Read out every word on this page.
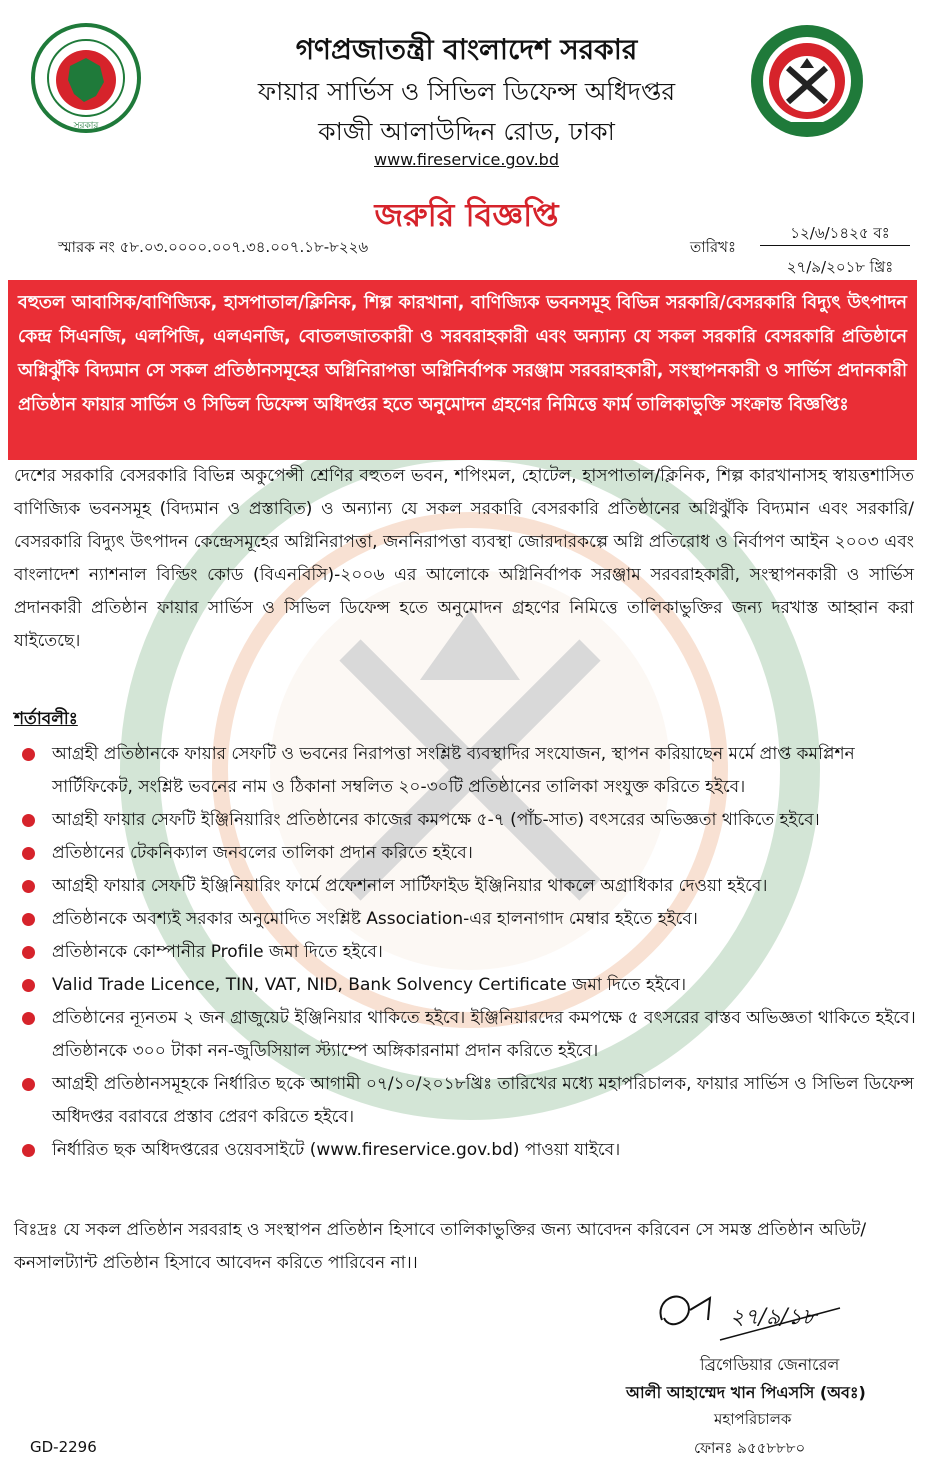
সরকার
গণপ্রজাতন্ত্রী বাংলাদেশ সরকার
ফায়ার সার্ভিস ও সিভিল ডিফেন্স অধিদপ্তর
কাজী আলাউদ্দিন রোড, ঢাকা
www.fireservice.gov.bd
জরুরি বিজ্ঞপ্তি
স্মারক নং ৫৮.০৩.০০০০.০০৭.৩৪.০০৭.১৮-৮২২৬	তারিখঃ
১২/৬/১৪২৫ বঃ
২৭/৯/২০১৮ খ্রিঃ

বহুতল আবাসিক/বাণিজ্যিক, হাসপাতাল/ক্লিনিক, শিল্প কারখানা, বাণিজ্যিক ভবনসমূহ বিভিন্ন সরকারি/বেসরকারি বিদ্যুৎ উৎপাদন কেন্দ্র সিএনজি, এলপিজি, এলএনজি, বোতলজাতকারী ও সরবরাহকারী এবং অন্যান্য যে সকল সরকারি বেসরকারি প্রতিষ্ঠানে অগ্নিঝুঁকি বিদ্যমান সে সকল প্রতিষ্ঠানসমূহের অগ্নিনিরাপত্তা অগ্নিনির্বাপক সরঞ্জাম সরবরাহকারী, সংস্থাপনকারী ও সার্ভিস প্রদানকারী প্রতিষ্ঠান ফায়ার সার্ভিস ও সিভিল ডিফেন্স অধিদপ্তর হতে অনুমোদন গ্রহণের নিমিত্তে ফার্ম তালিকাভুক্তি সংক্রান্ত বিজ্ঞপ্তিঃ

দেশের সরকারি বেসরকারি বিভিন্ন অকুপেন্সী শ্রেণির বহুতল ভবন, শপিংমল, হোটেল, হাসপাতাল/ক্লিনিক, শিল্প কারখানাসহ স্বায়ত্তশাসিত বাণিজ্যিক ভবনসমূহ (বিদ্যমান ও প্রস্তাবিত) ও অন্যান্য যে সকল সরকারি বেসরকারি প্রতিষ্ঠানের অগ্নিঝুঁকি বিদ্যমান এবং সরকারি/বেসরকারি বিদ্যুৎ উৎপাদন কেন্দ্রেসমূহের অগ্নিনিরাপত্তা, জননিরাপত্তা ব্যবস্থা জোরদারকল্পে অগ্নি প্রতিরোধ ও নির্বাপণ আইন ২০০৩ এবং বাংলাদেশ ন্যাশনাল বিল্ডিং কোড (বিএনবিসি)-২০০৬ এর আলোকে অগ্নিনির্বাপক সরঞ্জাম সরবরাহকারী, সংস্থাপনকারী ও সার্ভিস প্রদানকারী প্রতিষ্ঠান ফায়ার সার্ভিস ও সিভিল ডিফেন্স হতে অনুমোদন গ্রহণের নিমিত্তে তালিকাভুক্তির জন্য দরখাস্ত আহ্বান করা যাইতেছে।

শর্তাবলীঃ
আগ্রহী প্রতিষ্ঠানকে ফায়ার সেফটি ও ভবনের নিরাপত্তা সংশ্লিষ্ট ব্যবস্থাদির সংযোজন, স্থাপন করিয়াছেন মর্মে প্রাপ্ত কমপ্লিশন সার্টিফিকেট, সংশ্লিষ্ট ভবনের নাম ও ঠিকানা সম্বলিত ২০-৩০টি প্রতিষ্ঠানের তালিকা সংযুক্ত করিতে হইবে।
আগ্রহী ফায়ার সেফটি ইঞ্জিনিয়ারিং প্রতিষ্ঠানের কাজের কমপক্ষে ৫-৭ (পাঁচ-সাত) বৎসরের অভিজ্ঞতা থাকিতে হইবে।
প্রতিষ্ঠানের টেকনিক্যাল জনবলের তালিকা প্রদান করিতে হইবে।
আগ্রহী ফায়ার সেফটি ইঞ্জিনিয়ারিং ফার্মে প্রফেশনাল সার্টিফাইড ইঞ্জিনিয়ার থাকলে অগ্রাধিকার দেওয়া হইবে।
প্রতিষ্ঠানকে অবশ্যই সরকার অনুমোদিত সংশ্লিষ্ট Association-এর হালনাগাদ মেম্বার হইতে হইবে।
প্রতিষ্ঠানকে কোম্পানীর Profile জমা দিতে হইবে।
Valid Trade Licence, TIN, VAT, NID, Bank Solvency Certificate জমা দিতে হইবে।
প্রতিষ্ঠানের ন্যূনতম ২ জন গ্রাজুয়েট ইঞ্জিনিয়ার থাকিতে হইবে। ইঞ্জিনিয়ারদের কমপক্ষে ৫ বৎসরের বাস্তব অভিজ্ঞতা থাকিতে হইবে। প্রতিষ্ঠানকে ৩০০ টাকা নন-জুডিসিয়াল স্ট্যাম্পে অঙ্গিকারনামা প্রদান করিতে হইবে।
আগ্রহী প্রতিষ্ঠানসমূহকে নির্ধারিত ছকে আগামী ০৭/১০/২০১৮খ্রিঃ তারিখের মধ্যে মহাপরিচালক, ফায়ার সার্ভিস ও সিভিল ডিফেন্স অধিদপ্তর বরাবরে প্রস্তাব প্রেরণ করিতে হইবে।
নির্ধারিত ছক অধিদপ্তরের ওয়েবসাইটে (www.fireservice.gov.bd) পাওয়া যাইবে।

বিঃদ্রঃ যে সকল প্রতিষ্ঠান সরবরাহ ও সংস্থাপন প্রতিষ্ঠান হিসাবে তালিকাভুক্তির জন্য আবেদন করিবেন সে সমস্ত প্রতিষ্ঠান অডিট/কনসালট্যান্ট প্রতিষ্ঠান হিসাবে আবেদন করিতে পারিবেন না।।

২৭/৯/১৮
ব্রিগেডিয়ার জেনারেল
আলী আহাম্মেদ খান পিএসসি (অবঃ)
মহাপরিচালক
ফোনঃ ৯৫৫৮৮৮০
GD-2296
